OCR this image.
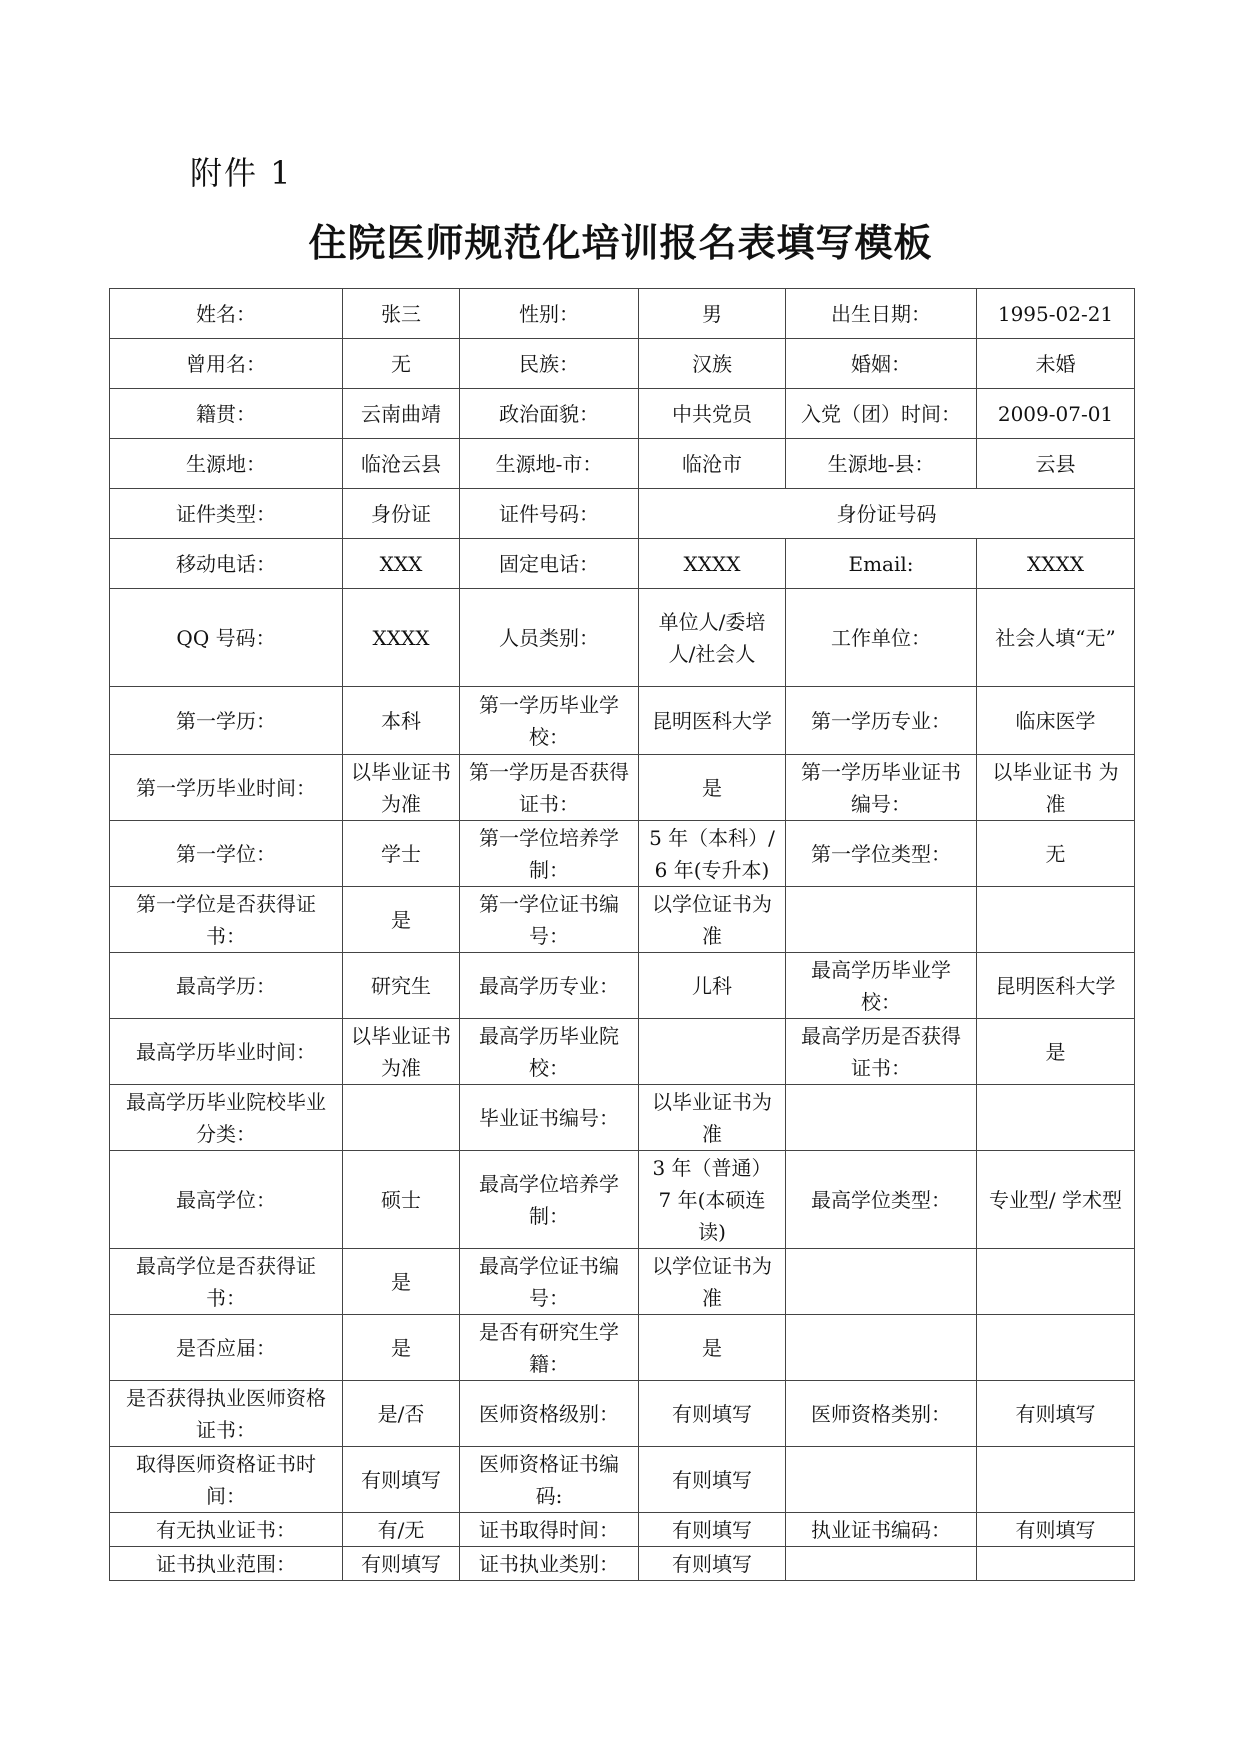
附件 1
住院医师规范化培训报名表填写模板
姓名：	张三	性别：	男	出生日期：	1995-02-21
曾用名：	无	民族：	汉族	婚姻：	未婚
籍贯：	云南曲靖	政治面貌：	中共党员	入党（团）时间：	2009-07-01
生源地：	临沧云县	生源地-市：	临沧市	生源地-县：	云县
证件类型：	身份证	证件号码：	身份证号码		
移动电话：	XXX	固定电话：	XXXX	Email:	XXXX
QQ 号码：	XXXX	人员类别：	单位人/委培人/社会人	工作单位：	社会人填“无”
第一学历：	本科	第一学历毕业学校：	昆明医科大学	第一学历专业：	临床医学
第一学历毕业时间：	以毕业证书为准	第一学历是否获得证书：	是	第一学历毕业证书编号：	以毕业证书 为准
第一学位：	学士	第一学位培养学制：	5 年（本科）/ 6 年(专升本)	第一学位类型：	无
第一学位是否获得证书：	是	第一学位证书编号：	以学位证书为准		
最高学历：	研究生	最高学历专业：	儿科	最高学历毕业学校：	昆明医科大学
最高学历毕业时间：	以毕业证书为准	最高学历毕业院校：		最高学历是否获得证书：	是
最高学历毕业院校毕业分类：		毕业证书编号：	以毕业证书为准		
最高学位：	硕士	最高学位培养学制：	3 年（普通） 7 年(本硕连读)	最高学位类型：	专业型/ 学术型
最高学位是否获得证书：	是	最高学位证书编号：	以学位证书为准		
是否应届：	是	是否有研究生学籍：	是		
是否获得执业医师资格证书：	是/否	医师资格级别：	有则填写	医师资格类别：	有则填写
取得医师资格证书时间：	有则填写	医师资格证书编码:	有则填写		
有无执业证书：	有/无	证书取得时间：	有则填写	执业证书编码：	有则填写
证书执业范围：	有则填写	证书执业类别：	有则填写		
